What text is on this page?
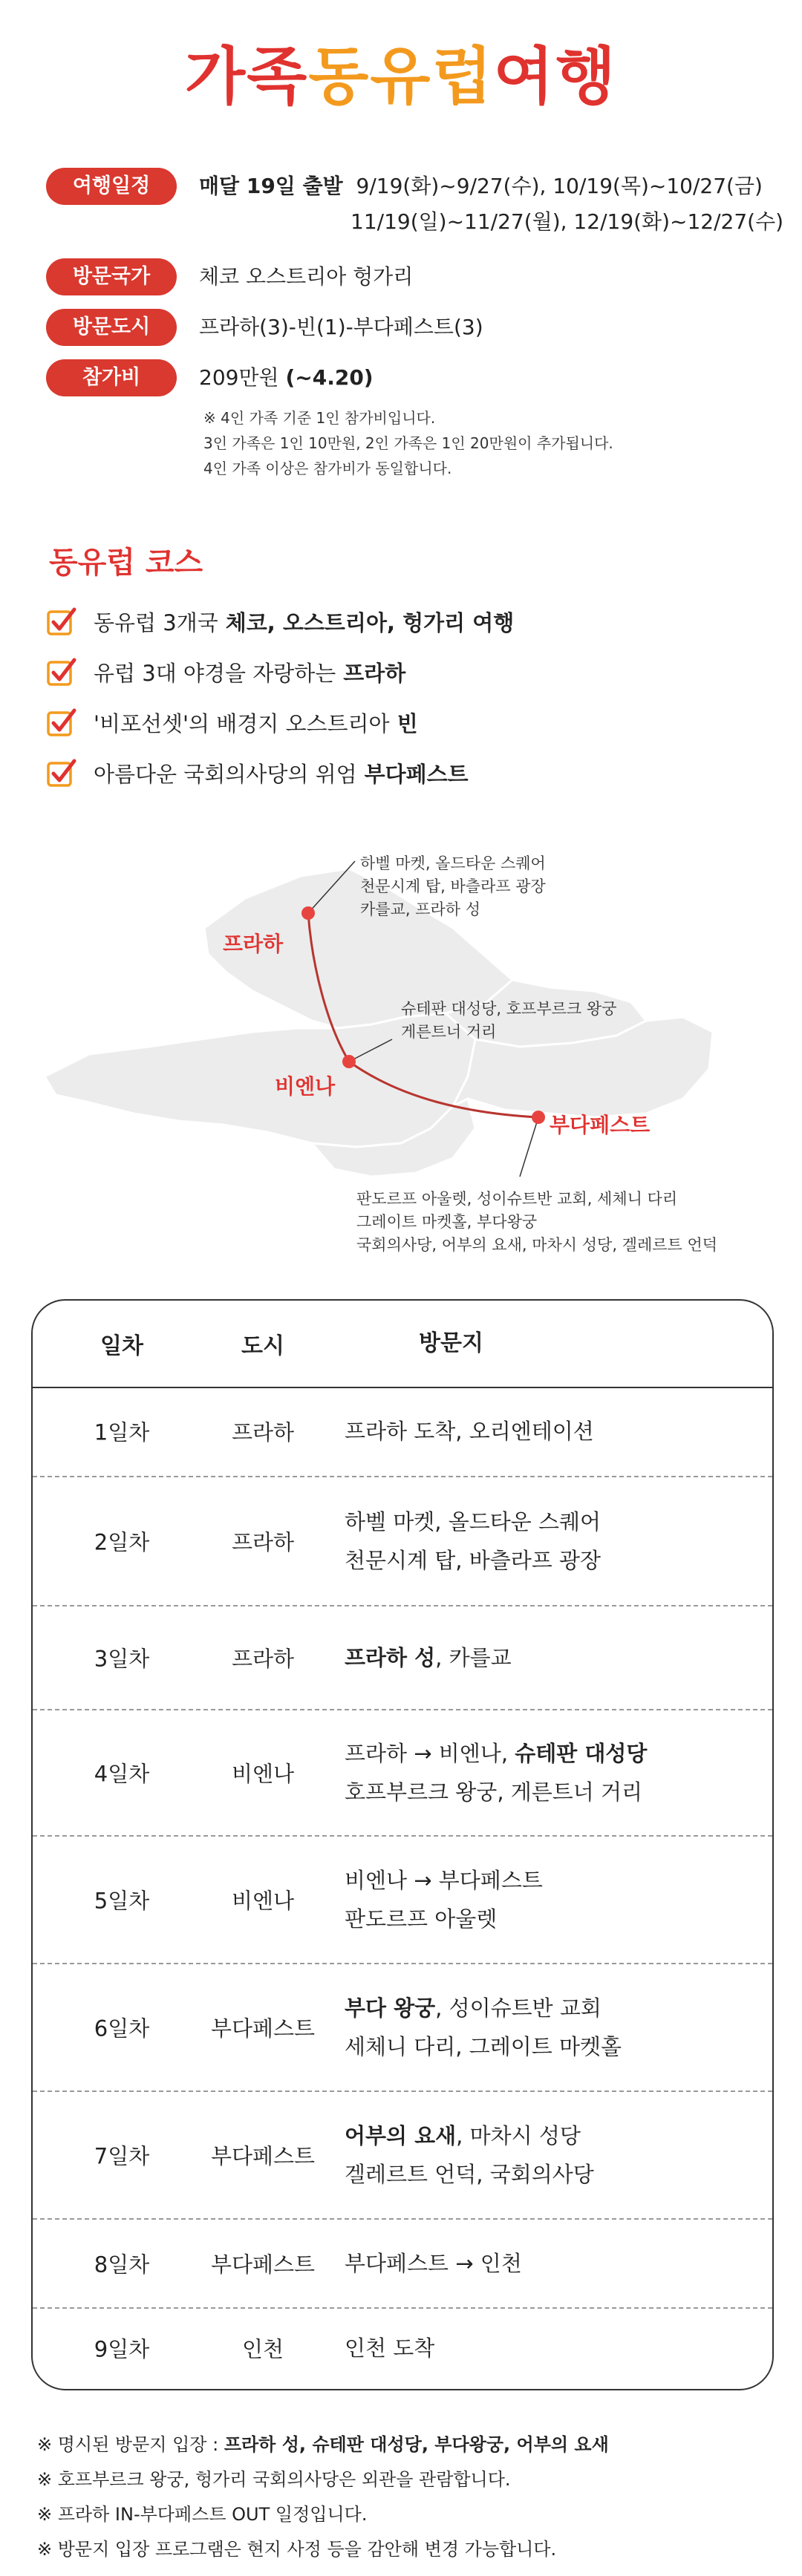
가족동유럽여행
여행일정	매달 19일 출발 9/19(화)~9/27(수), 10/19(목)~10/27(금)
11/19(일)~11/27(월), 12/19(화)~12/27(수)
방문국가	체코 오스트리아 헝가리
방문도시	프라하(3)-빈(1)-부다페스트(3)
참가비	209만원 (~4.20)
※ 4인 가족 기준 1인 참가비입니다.
3인 가족은 1인 10만원, 2인 가족은 1인 20만원이 추가됩니다.
4인 가족 이상은 참가비가 동일합니다.
동유럽 코스
동유럽 3개국 체코, 오스트리아, 헝가리 여행
유럽 3대 야경을 자랑하는 프라하
'비포선셋'의 배경지 오스트리아 빈
아름다운 국회의사당의 위엄 부다페스트
프라하
비엔나
부다페스트
하벨 마켓, 올드타운 스퀘어
천문시계 탑, 바츨라프 광장
카를교, 프라하 성
슈테판 대성당, 호프부르크 왕궁
게른트너 거리
판도르프 아울렛, 성이슈트반 교회, 세체니 다리
그레이트 마켓홀, 부다왕궁
국회의사당, 어부의 요새, 마차시 성당, 겔레르트 언덕
일차	도시	방문지
1일차	프라하	프라하 도착, 오리엔테이션
2일차	프라하
하벨 마켓, 올드타운 스퀘어
천문시계 탑, 바츨라프 광장
3일차	프라하	프라하 성, 카를교
4일차	비엔나
프라하 → 비엔나, 슈테판 대성당
호프부르크 왕궁, 게른트너 거리
5일차	비엔나
비엔나 → 부다페스트
판도르프 아울렛
6일차	부다페스트
부다 왕궁, 성이슈트반 교회
세체니 다리, 그레이트 마켓홀
7일차	부다페스트
어부의 요새, 마차시 성당
겔레르트 언덕, 국회의사당
8일차	부다페스트	부다페스트 → 인천
9일차	인천	인천 도착
※ 명시된 방문지 입장 : 프라하 성, 슈테판 대성당, 부다왕궁, 어부의 요새
※ 호프부르크 왕궁, 헝가리 국회의사당은 외관을 관람합니다.
※ 프라하 IN-부다페스트 OUT 일정입니다.
※ 방문지 입장 프로그램은 현지 사정 등을 감안해 변경 가능합니다.
